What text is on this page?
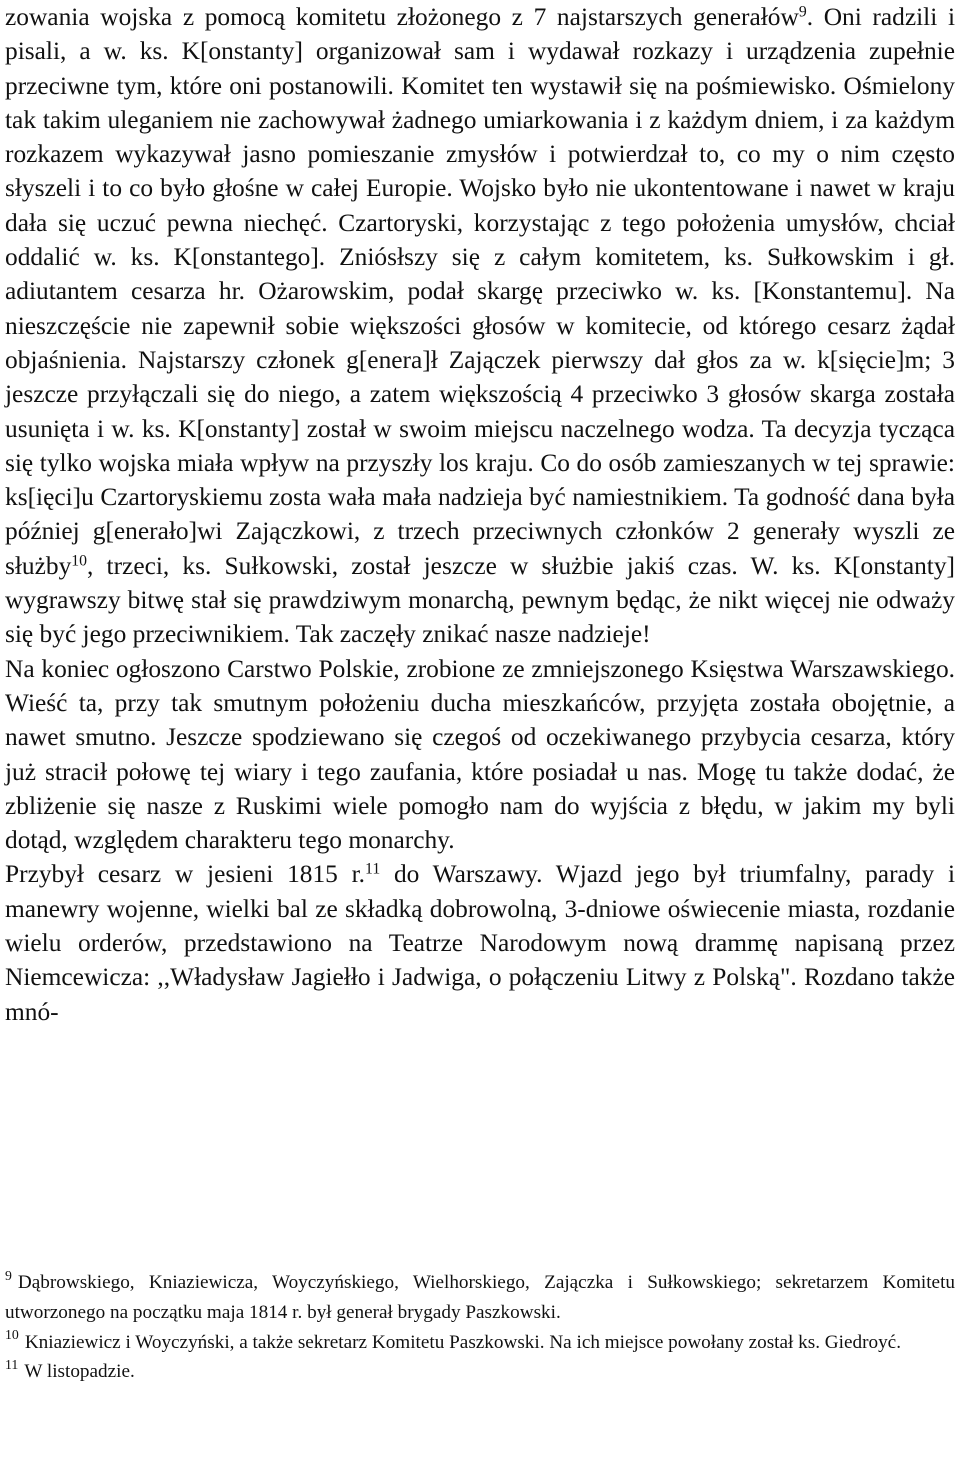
zowania wojska z pomocą komitetu złożonego z 7 najstarszych generałów$^9$. Oni radzili i pisali, a w. ks. K[onstanty] organizował sam i wydawał rozkazy i urządzenia zupełnie przeciwne tym, które oni postanowili. Komitet ten wystawił się na pośmiewisko. Ośmielony tak takim uleganiem nie zachowywał żadnego umiarkowania i z każdym dniem, i za każdym rozkazem wykazywał jasno pomieszanie zmysłów i potwierdzał to, co my o nim często słyszeli i to co było głośne w całej Europie. Wojsko było nie ukontentowane i nawet w kraju dała się uczuć pewna niechęć. Czartoryski, korzystając z tego położenia umysłów, chciał oddalić w. ks. K[onstantego]. Zniósłszy się z całym komitetem, ks. Sułkowskim i gł. adiutantem cesarza hr. Ożarowskim, podał skargę przeciwko w. ks. [Konstantemu]. Na nieszczęście nie zapewnił sobie większości głosów w komitecie, od którego cesarz żądał objaśnienia. Najstarszy członek g[enera]ł Zajączek pierwszy dał głos za w. k[sięcie]m; 3 jeszcze przyłączali się do niego, a zatem większością 4 przeciwko 3 głosów skarga została usunięta i w. ks. K[onstanty] został w swoim miejscu naczelnego wodza. Ta decyzja tycząca się tylko wojska miała wpływ na przyszły los kraju. Co do osób zamieszanych w tej sprawie: ks[ięci]u Czartoryskiemu zosta wała mała nadzieja być namiestnikiem. Ta godność dana była później g[enerało]wi Zajączkowi, z trzech przeciwnych członków 2 generały wyszli ze służby$^{10}$, trzeci, ks. Sułkowski, został jeszcze w służbie jakiś czas. W. ks. K[onstanty] wygrawszy bitwę stał się prawdziwym monarchą, pewnym będąc, że nikt więcej nie odważy się być jego przeciwnikiem. Tak zaczęły znikać nasze nadzieje!

Na koniec ogłoszono Carstwo Polskie, zrobione ze zmniejszonego Księstwa Warszawskiego. Wieść ta, przy tak smutnym położeniu ducha mieszkańców, przyjęta została obojętnie, a nawet smutno. Jeszcze spodziewano się czegoś od oczekiwanego przybycia cesarza, który już stracił połowę tej wiary i tego zaufania, które posiadał u nas. Mogę tu także dodać, że zbliżenie się nasze z Ruskimi wiele pomogło nam do wyjścia z błędu, w jakim my byli dotąd, względem charakteru tego monarchy.

Przybył cesarz w jesieni 1815 r.$^{11}$ do Warszawy. Wjazd jego był triumfalny, parady i manewry wojenne, wielki bal ze składką dobrowolną, 3-dniowe oświecenie miasta, rozdanie wielu orderów, przedstawiono na Teatrze Narodowym nową drammę napisaną przez Niemcewicza: ,,Władysław Jagiełło i Jadwiga, o połączeniu Litwy z Polską". Rozdano także mnó-

$^9$ Dąbrowskiego, Kniaziewicza, Woyczyńskiego, Wielhorskiego, Zajączka i Sułkowskiego; sekretarzem Komitetu utworzonego na początku maja 1814 r. był generał brygady Paszkowski.

$^{10}$ Kniaziewicz i Woyczyński, a także sekretarz Komitetu Paszkowski. Na ich miejsce powołany został ks. Giedroyć.

$^{11}$ W listopadzie.
